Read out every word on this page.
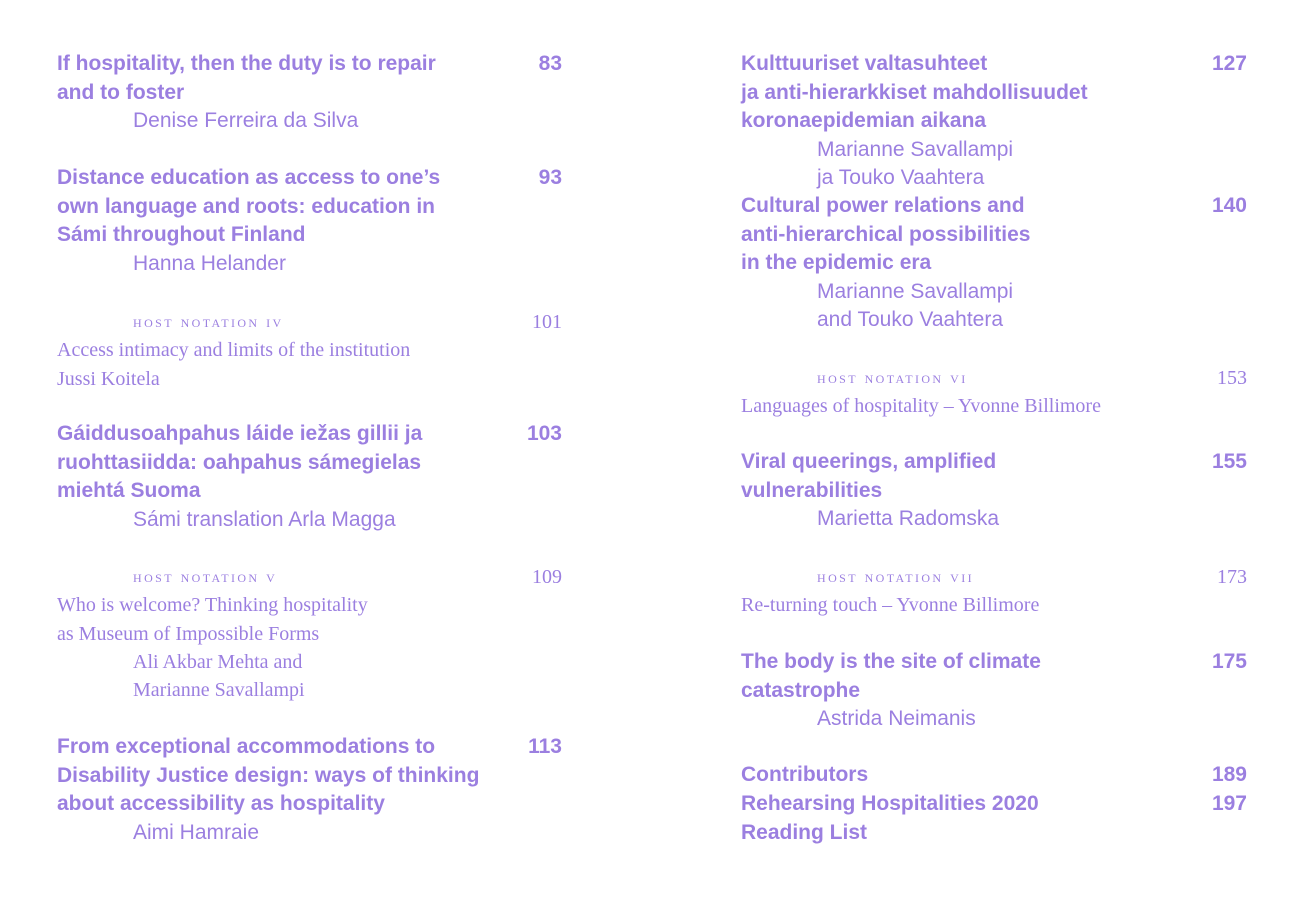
If hospitality, then the duty is to repair
and to foster
Denise Ferreira da Silva
83
Distance education as access to one’s
own language and roots: education in
Sámi throughout Finland
Hanna Helander
93
host notation iv
Access intimacy and limits of the institution
Jussi Koitela
101
Gáiddusoahpahus láide iežas gillii ja
ruohttasiidda: oahpahus sámegielas
miehtá Suoma
Sámi translation Arla Magga
103
host notation v
Who is welcome? Thinking hospitality
as Museum of Impossible Forms
Ali Akbar Mehta and
Marianne Savallampi
109
From exceptional accommodations to
Disability Justice design: ways of thinking
about accessibility as hospitality
Aimi Hamraie
113
Kulttuuriset valtasuhteet
ja anti-hierarkkiset mahdollisuudet
koronaepidemian aikana
Marianne Savallampi
ja Touko Vaahtera
127
Cultural power relations and
anti-hierarchical possibilities
in the epidemic era
Marianne Savallampi
and Touko Vaahtera
140
host notation vi
Languages of hospitality – Yvonne Billimore
153
Viral queerings, amplified
vulnerabilities
Marietta Radomska
155
host notation vii
Re-turning touch – Yvonne Billimore
173
The body is the site of climate
catastrophe
Astrida Neimanis
175
Contributors	189
Rehearsing Hospitalities 2020
Reading List
197
